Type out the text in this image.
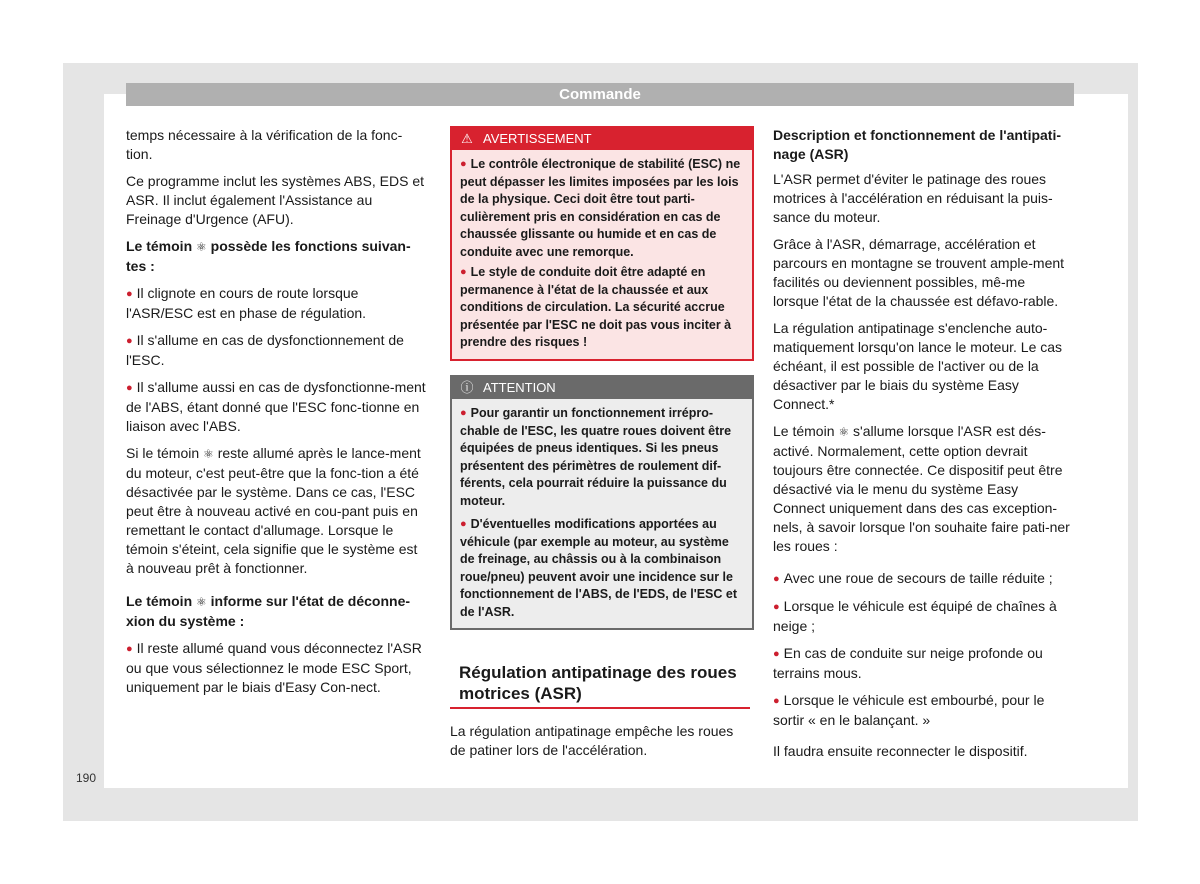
Commande

temps nécessaire à la vérification de la fonc-tion.

Ce programme inclut les systèmes ABS, EDS et ASR. Il inclut également l'Assistance au Freinage d'Urgence (AFU).

Le témoin ⚛ possède les fonctions suivan-tes :

● Il clignote en cours de route lorsque l'ASR/ESC est en phase de régulation.

● Il s'allume en cas de dysfonctionnement de l'ESC.

● Il s'allume aussi en cas de dysfonctionne-ment de l'ABS, étant donné que l'ESC fonc-tionne en liaison avec l'ABS.

Si le témoin ⚛ reste allumé après le lance-ment du moteur, c'est peut-être que la fonc-tion a été désactivée par le système. Dans ce cas, l'ESC peut être à nouveau activé en cou-pant puis en remettant le contact d'allumage. Lorsque le témoin s'éteint, cela signifie que le système est à nouveau prêt à fonctionner.

Le témoin ⚛ informe sur l'état de déconne-xion du système :

● Il reste allumé quand vous déconnectez l'ASR ou que vous sélectionnez le mode ESC Sport, uniquement par le biais d'Easy Con-nect.

⚠ AVERTISSEMENT

● Le contrôle électronique de stabilité (ESC) ne peut dépasser les limites imposées par les lois de la physique. Ceci doit être tout parti-culièrement pris en considération en cas de chaussée glissante ou humide et en cas de conduite avec une remorque.

● Le style de conduite doit être adapté en permanence à l'état de la chaussée et aux conditions de circulation. La sécurité accrue présentée par l'ESC ne doit pas vous inciter à prendre des risques !

ⓘ ATTENTION

● Pour garantir un fonctionnement irrépro-chable de l'ESC, les quatre roues doivent être équipées de pneus identiques. Si les pneus présentent des périmètres de roulement dif-férents, cela pourrait réduire la puissance du moteur.

● D'éventuelles modifications apportées au véhicule (par exemple au moteur, au système de freinage, au châssis ou à la combinaison roue/pneu) peuvent avoir une incidence sur le fonctionnement de l'ABS, de l'EDS, de l'ESC et de l'ASR.

Régulation antipatinage des roues motrices (ASR)
La régulation antipatinage empêche les roues de patiner lors de l'accélération.

Description et fonctionnement de l'antipati-nage (ASR)

L'ASR permet d'éviter le patinage des roues motrices à l'accélération en réduisant la puis-sance du moteur.

Grâce à l'ASR, démarrage, accélération et parcours en montagne se trouvent ample-ment facilités ou deviennent possibles, mê-me lorsque l'état de la chaussée est défavo-rable.

La régulation antipatinage s'enclenche auto-matiquement lorsqu'on lance le moteur. Le cas échéant, il est possible de l'activer ou de la désactiver par le biais du système Easy Connect.*

Le témoin ⚛ s'allume lorsque l'ASR est dés-activé. Normalement, cette option devrait toujours être connectée. Ce dispositif peut être désactivé via le menu du système Easy Connect uniquement dans des cas exception-nels, à savoir lorsque l'on souhaite faire pati-ner les roues :

● Avec une roue de secours de taille réduite ;

● Lorsque le véhicule est équipé de chaînes à neige ;

● En cas de conduite sur neige profonde ou terrains mous.

● Lorsque le véhicule est embourbé, pour le sortir « en le balançant. »

Il faudra ensuite reconnecter le dispositif.

190
